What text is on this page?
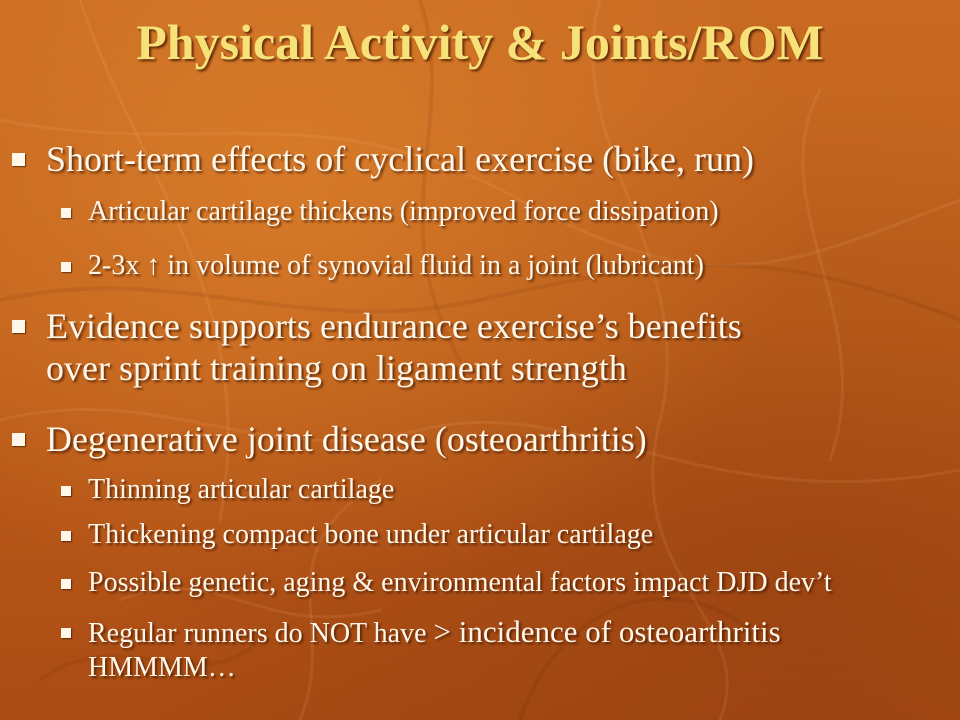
Physical Activity & Joints/ROM
Short-term effects of cyclical exercise (bike, run)
Articular cartilage thickens (improved force dissipation)
2-3x ↑ in volume of synovial fluid in a joint (lubricant)
Evidence supports endurance exercise’s benefits
over sprint training on ligament strength
Degenerative joint disease (osteoarthritis)
Thinning articular cartilage
Thickening compact bone under articular cartilage
Possible genetic, aging & environmental factors impact DJD dev’t
Regular runners do NOT have > incidence of osteoarthritis
HMMMM…
